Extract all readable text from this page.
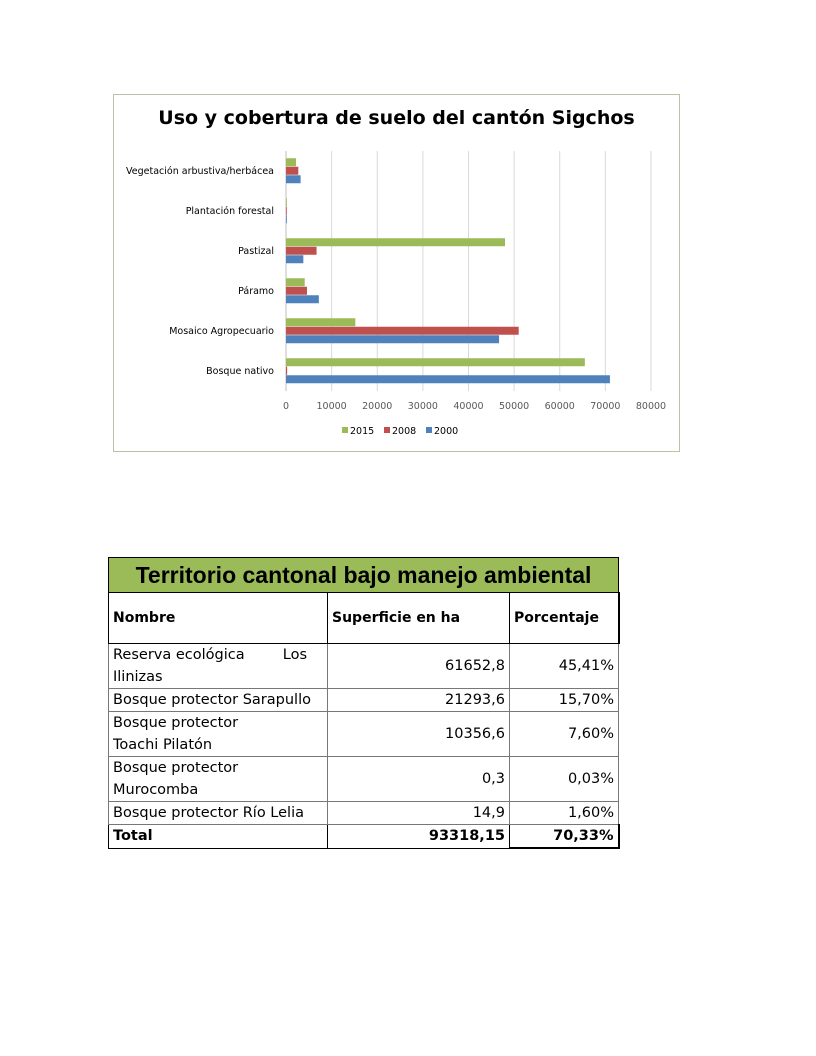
Uso y cobertura de suelo del cantón Sigchos
0	10000 20000 30000 40000 50000 60000 70000 80000
Vegetación arbustiva/herbácea
Plantación forestal
Pastizal
Páramo
Mosaico Agropecuario
Bosque nativo
2015 2008 2000
Territorio cantonal bajo manejo ambiental		
Nombre	Superficie en ha	Porcentaje

Reserva ecológica Los
Ilinizas	61652,8	45,41%
Bosque protector Sarapullo	21293,6	15,70%

Bosque protector
Toachi Pilatón	10356,6	7,60%

Bosque protector
Murocomba	0,3	0,03%
Bosque protector Río Lelia	14,9	1,60%
Total	93318,15	70,33%
